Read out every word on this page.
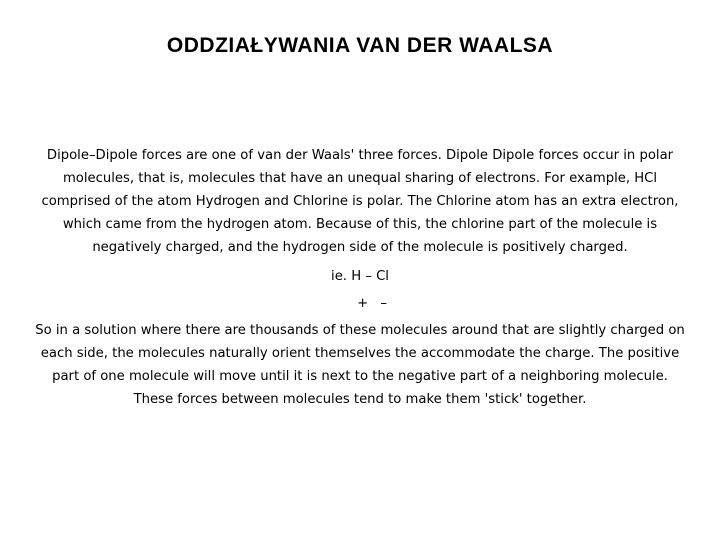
ODDZIAŁYWANIA VAN DER WAALSA

Dipole–Dipole forces are one of van der Waals' three forces. Dipole Dipole forces occur in polar molecules, that is, molecules that have an unequal sharing of electrons. For example, HCl comprised of the atom Hydrogen and Chlorine is polar. The Chlorine atom has an extra electron, which came from the hydrogen atom. Because of this, the chlorine part of the molecule is negatively charged, and the hydrogen side of the molecule is positively charged.

ie. H – Cl

+ –

So in a solution where there are thousands of these molecules around that are slightly charged on each side, the molecules naturally orient themselves the accommodate the charge. The positive part of one molecule will move until it is next to the negative part of a neighboring molecule. These forces between molecules tend to make them 'stick' together.
